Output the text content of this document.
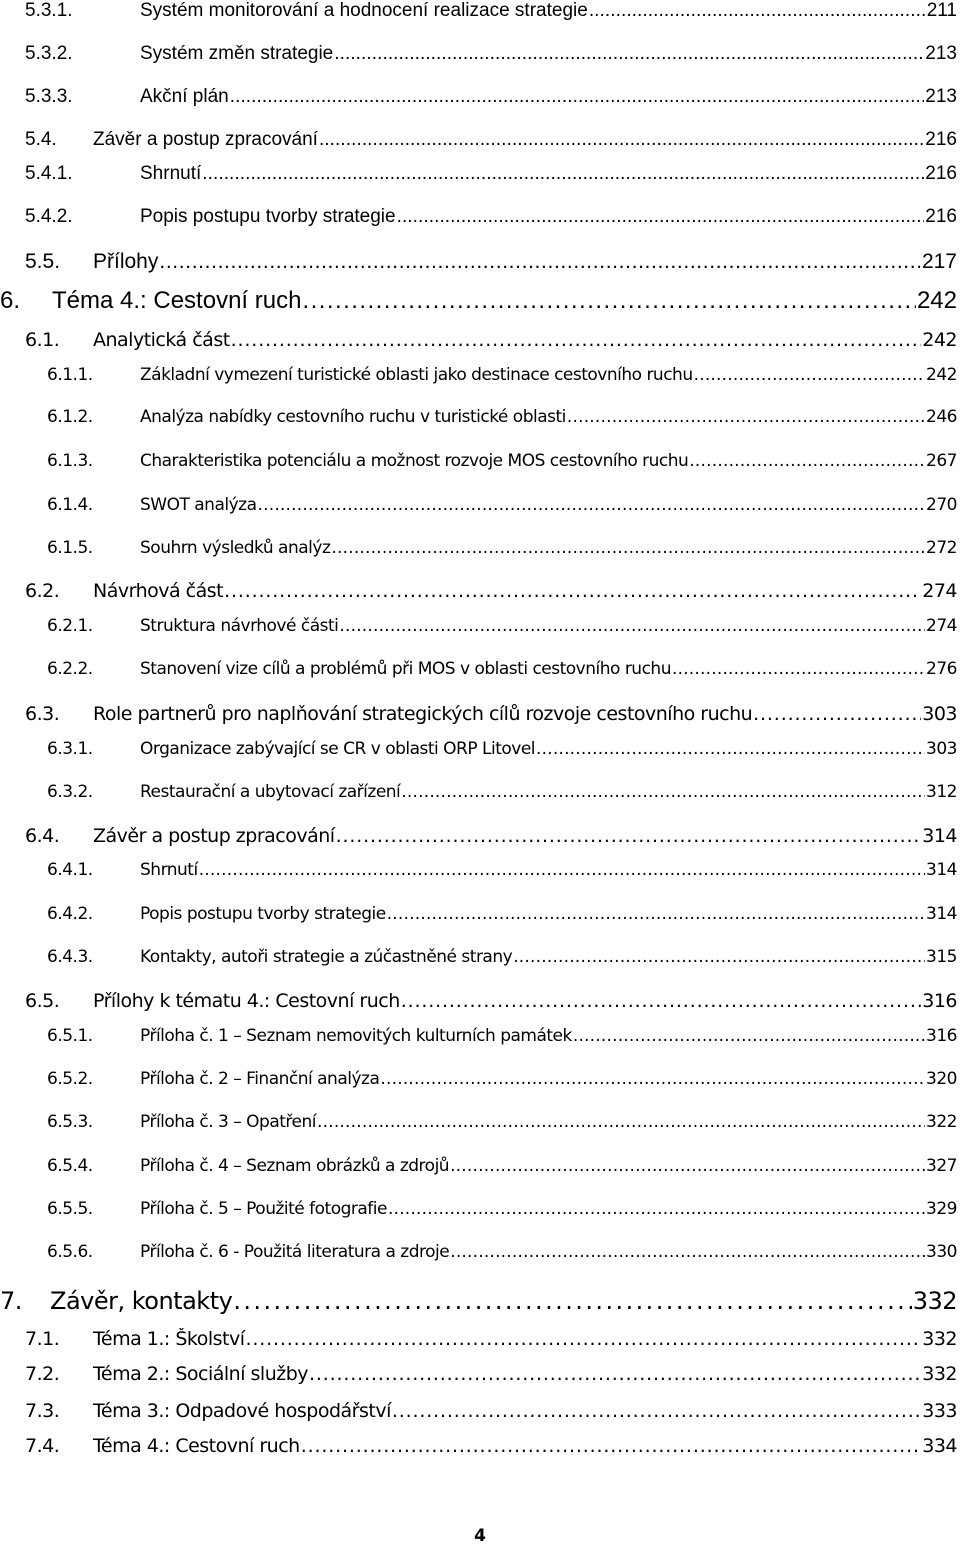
5.3.1.	Systém monitorování a hodnocení realizace strategie . . .	211
5.3.2.	Systém změn strategie . . .	213
5.3.3.	Akční plán . . .	213
5.4.	Závěr a postup zpracování . . .	216
5.4.1.	Shrnutí . . .	216
5.4.2.	Popis postupu tvorby strategie . . .	216
5.5.	Přílohy . . .	217
6.	Téma 4.: Cestovní ruch . . .	242
6.1.	Analytická část . . .	242
6.1.1.	Základní vymezení turistické oblasti jako destinace cestovního ruchu . . .	242
6.1.2.	Analýza nabídky cestovního ruchu v turistické oblasti . . .	246
6.1.3.	Charakteristika potenciálu a možnost rozvoje MOS cestovního ruchu . . .	267
6.1.4.	SWOT analýza . . .	270
6.1.5.	Souhrn výsledků analýz . . .	272
6.2.	Návrhová část . . .	274
6.2.1.	Struktura návrhové části . . .	274
6.2.2.	Stanovení vize cílů a problémů při MOS v oblasti cestovního ruchu . . .	276
6.3.	Role partnerů pro naplňování strategických cílů rozvoje cestovního ruchu . . .	303
6.3.1.	Organizace zabývající se CR v oblasti ORP Litovel . . .	303
6.3.2.	Restaurační a ubytovací zařízení . . .	312
6.4.	Závěr a postup zpracování . . .	314
6.4.1.	Shrnutí . . .	314
6.4.2.	Popis postupu tvorby strategie . . .	314
6.4.3.	Kontakty, autoři strategie a zúčastněné strany . . .	315
6.5.	Přílohy k tématu 4.: Cestovní ruch . . .	316
6.5.1.	Příloha č. 1 – Seznam nemovitých kulturních památek . . .	316
6.5.2.	Příloha č. 2 – Finanční analýza . . .	320
6.5.3.	Příloha č. 3 – Opatření . . .	322
6.5.4.	Příloha č. 4 – Seznam obrázků a zdrojů . . .	327
6.5.5.	Příloha č. 5 – Použité fotografie . . .	329
6.5.6.	Příloha č. 6 - Použitá literatura a zdroje . . .	330
7.	Závěr, kontakty . . .	332
7.1.	Téma 1.: Školství . . .	332
7.2.	Téma 2.: Sociální služby . . .	332
7.3.	Téma 3.: Odpadové hospodářství . . .	333
7.4.	Téma 4.: Cestovní ruch . . .	334
4
